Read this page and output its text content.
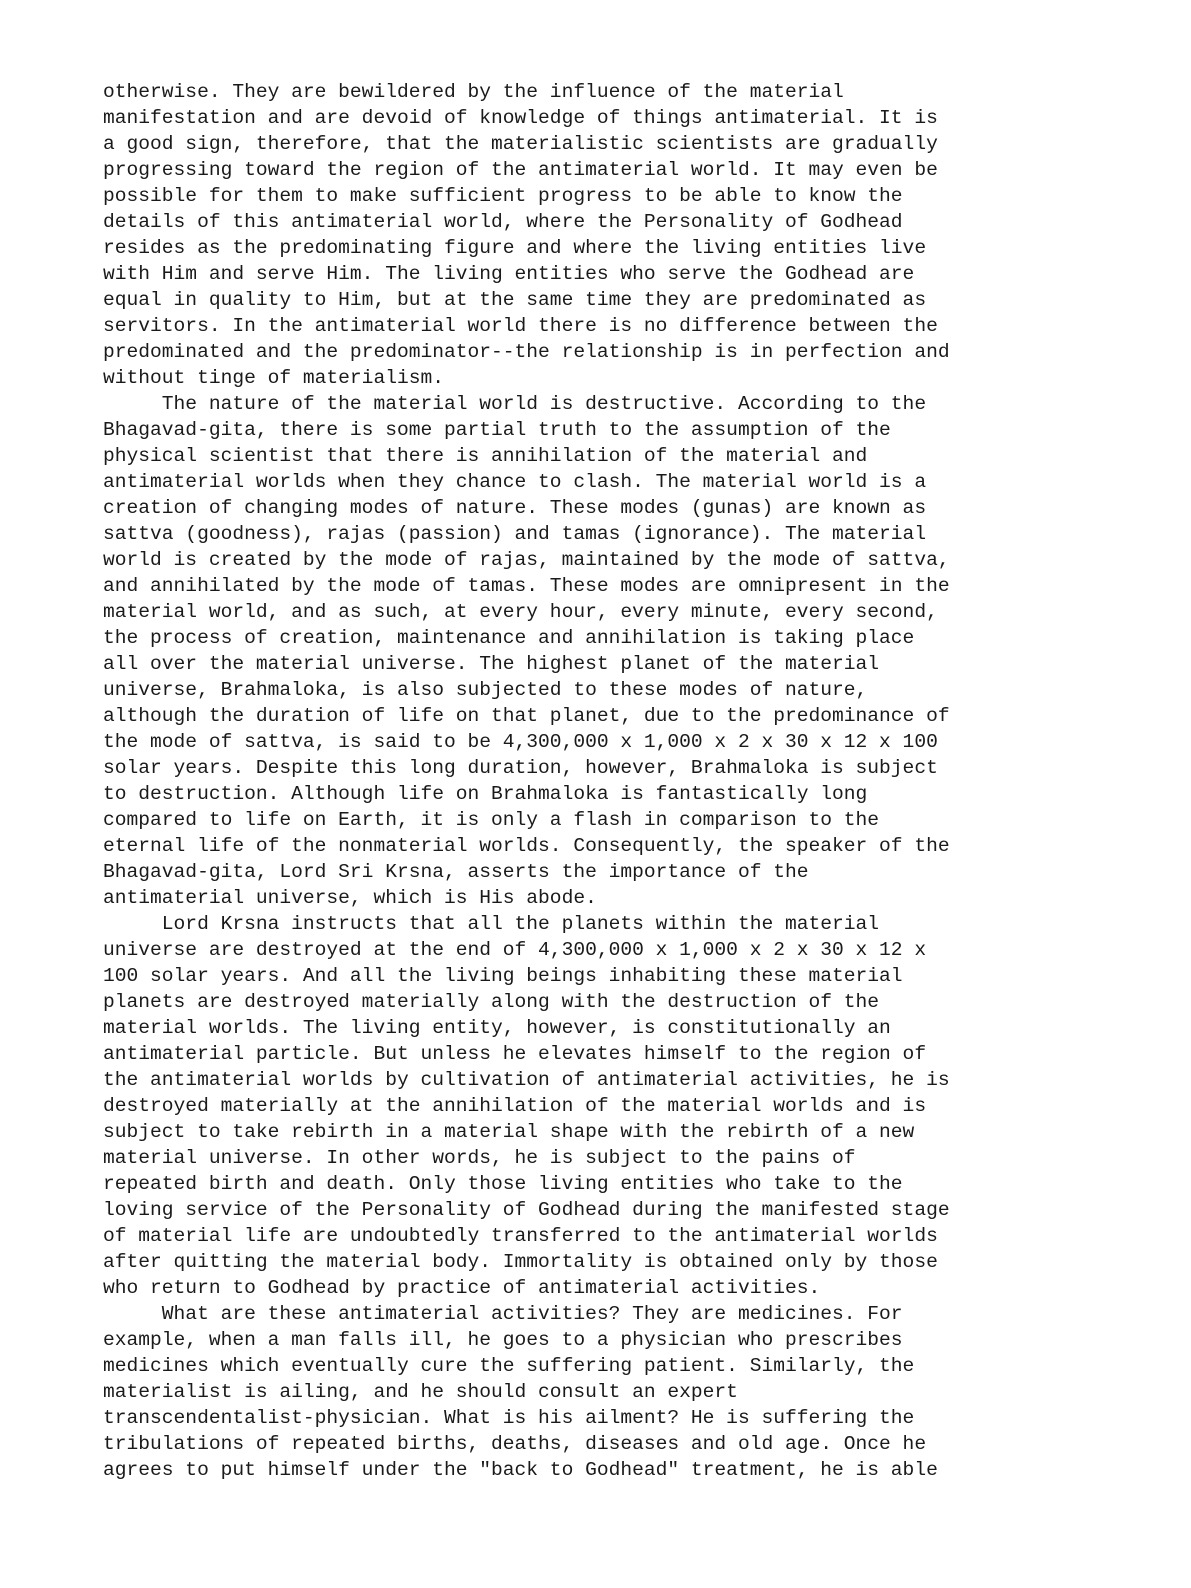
otherwise. They are bewildered by the influence of the material
manifestation and are devoid of knowledge of things antimaterial. It is
a good sign, therefore, that the materialistic scientists are gradually
progressing toward the region of the antimaterial world. It may even be
possible for them to make sufficient progress to be able to know the
details of this antimaterial world, where the Personality of Godhead
resides as the predominating figure and where the living entities live
with Him and serve Him. The living entities who serve the Godhead are
equal in quality to Him, but at the same time they are predominated as
servitors. In the antimaterial world there is no difference between the
predominated and the predominator--the relationship is in perfection and
without tinge of materialism.
The nature of the material world is destructive. According to the
Bhagavad-gita, there is some partial truth to the assumption of the
physical scientist that there is annihilation of the material and
antimaterial worlds when they chance to clash. The material world is a
creation of changing modes of nature. These modes (gunas) are known as
sattva (goodness), rajas (passion) and tamas (ignorance). The material
world is created by the mode of rajas, maintained by the mode of sattva,
and annihilated by the mode of tamas. These modes are omnipresent in the
material world, and as such, at every hour, every minute, every second,
the process of creation, maintenance and annihilation is taking place
all over the material universe. The highest planet of the material
universe, Brahmaloka, is also subjected to these modes of nature,
although the duration of life on that planet, due to the predominance of
the mode of sattva, is said to be 4,300,000 x 1,000 x 2 x 30 x 12 x 100
solar years. Despite this long duration, however, Brahmaloka is subject
to destruction. Although life on Brahmaloka is fantastically long
compared to life on Earth, it is only a flash in comparison to the
eternal life of the nonmaterial worlds. Consequently, the speaker of the
Bhagavad-gita, Lord Sri Krsna, asserts the importance of the
antimaterial universe, which is His abode.
Lord Krsna instructs that all the planets within the material
universe are destroyed at the end of 4,300,000 x 1,000 x 2 x 30 x 12 x
100 solar years. And all the living beings inhabiting these material
planets are destroyed materially along with the destruction of the
material worlds. The living entity, however, is constitutionally an
antimaterial particle. But unless he elevates himself to the region of
the antimaterial worlds by cultivation of antimaterial activities, he is
destroyed materially at the annihilation of the material worlds and is
subject to take rebirth in a material shape with the rebirth of a new
material universe. In other words, he is subject to the pains of
repeated birth and death. Only those living entities who take to the
loving service of the Personality of Godhead during the manifested stage
of material life are undoubtedly transferred to the antimaterial worlds
after quitting the material body. Immortality is obtained only by those
who return to Godhead by practice of antimaterial activities.
What are these antimaterial activities? They are medicines. For
example, when a man falls ill, he goes to a physician who prescribes
medicines which eventually cure the suffering patient. Similarly, the
materialist is ailing, and he should consult an expert
transcendentalist-physician. What is his ailment? He is suffering the
tribulations of repeated births, deaths, diseases and old age. Once he
agrees to put himself under the "back to Godhead" treatment, he is able
